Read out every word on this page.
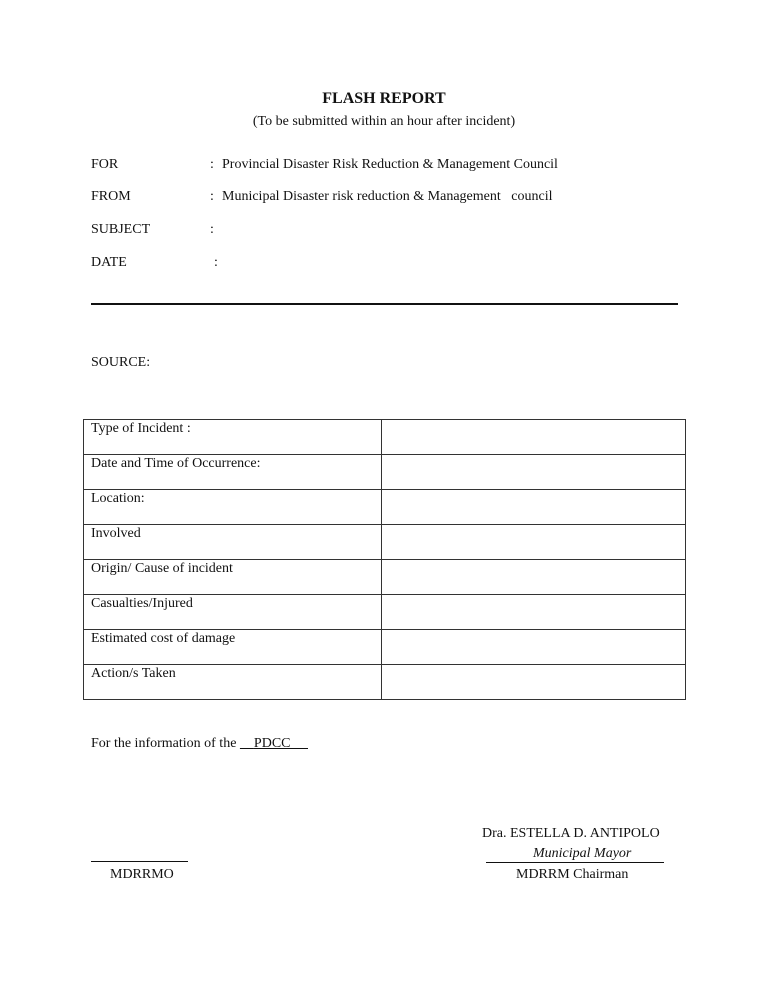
FLASH REPORT
(To be submitted within an hour after incident)
FOR	: Provincial Disaster Risk Reduction & Management Council
FROM	: Municipal Disaster risk reduction & Management   council
SUBJECT	:
DATE	:
SOURCE:
Type of Incident :	
Date and Time of Occurrence:	
Location:	
Involved	
Origin/ Cause of incident	
Casualties/Injured	
Estimated cost of damage	
Action/s Taken	
For the information of the     PDCC
Dra. ESTELLA D. ANTIPOLO
Municipal Mayor
MDRRM Chairman
MDRRMO
